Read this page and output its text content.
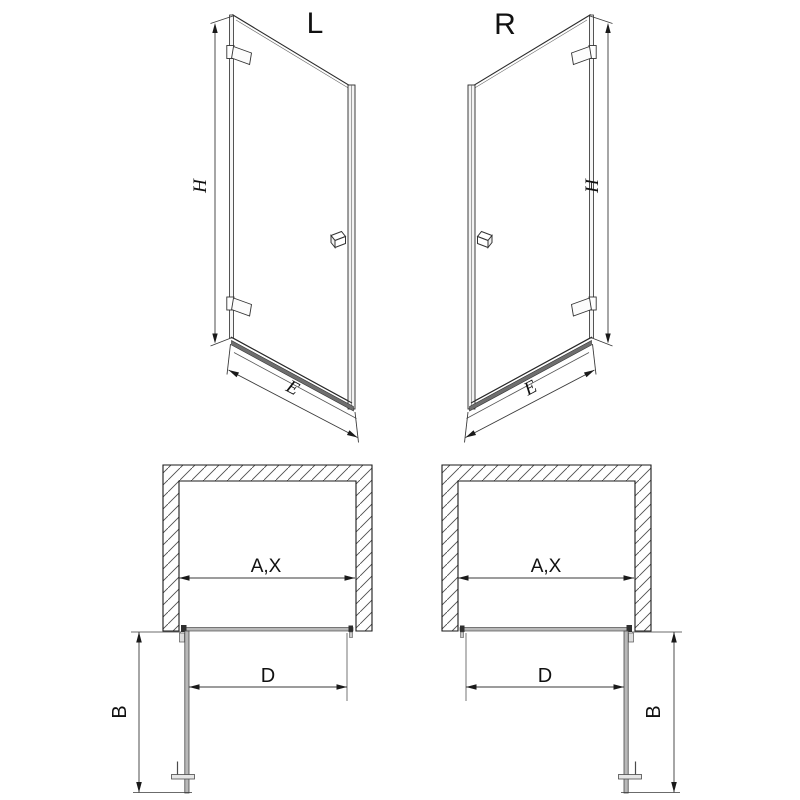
L
H
E
R
H
E
A,X
D
B
A,X
D
B
